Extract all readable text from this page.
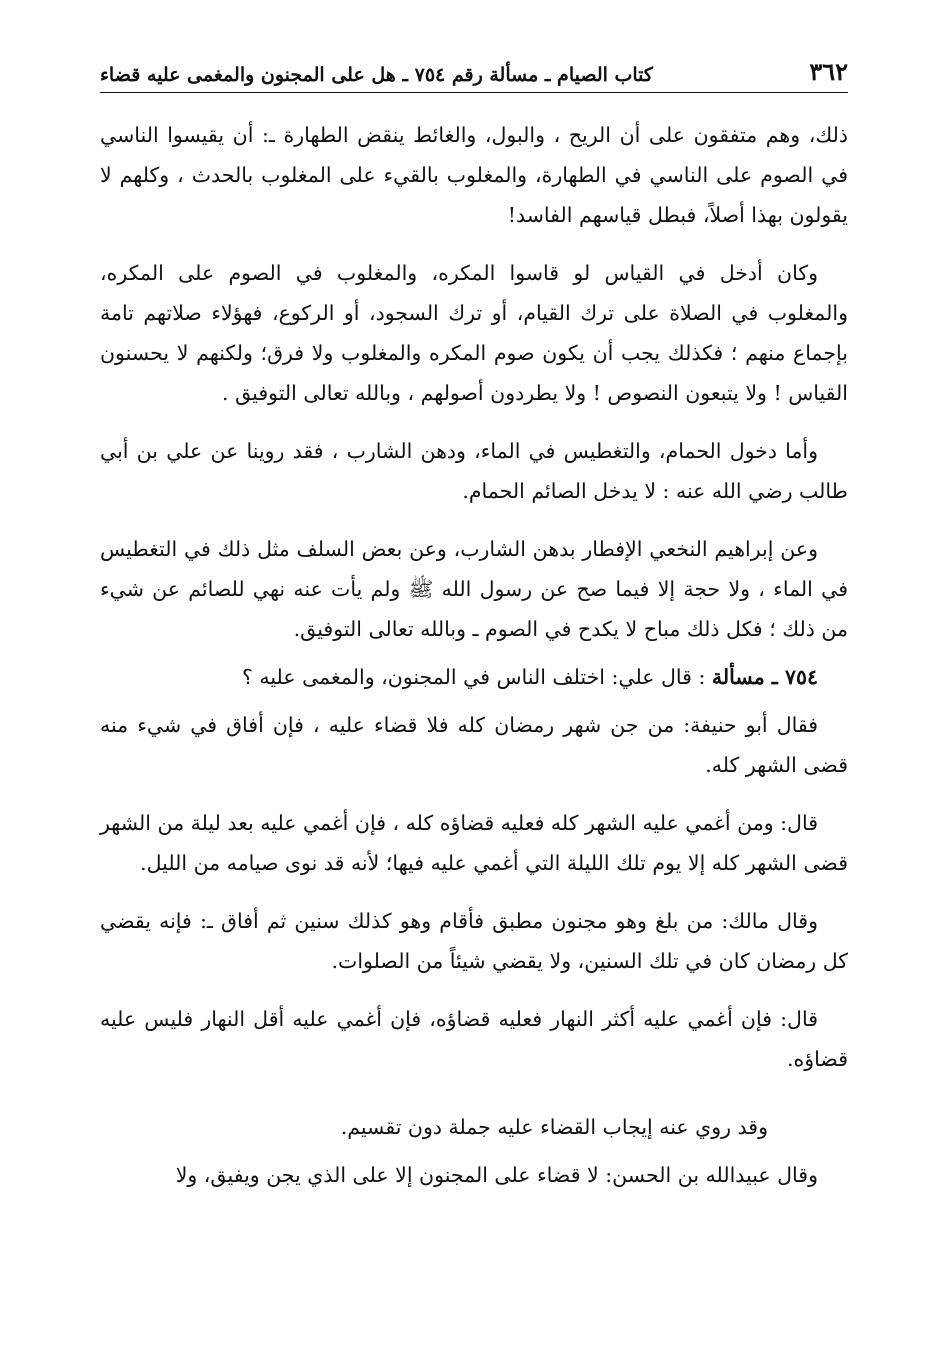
٣٦٢
كتاب الصيام ـ مسألة رقم ٧٥٤ ـ هل على المجنون والمغمى عليه قضاء

ذلك، وهم متفقون على أن الريح ، والبول، والغائط ينقض الطهارة ـ: أن يقيسوا الناسي في الصوم على الناسي في الطهارة، والمغلوب بالقيء على المغلوب بالحدث ، وكلهم لا يقولون بهذا أصلاً، فبطل قياسهم الفاسد!

وكان أدخل في القياس لو قاسوا المكره، والمغلوب في الصوم على المكره، والمغلوب في الصلاة على ترك القيام، أو ترك السجود، أو الركوع، فهؤلاء صلاتهم تامة بإجماع منهم ؛ فكذلك يجب أن يكون صوم المكره والمغلوب ولا فرق؛ ولكنهم لا يحسنون القياس ! ولا يتبعون النصوص ! ولا يطردون أصولهم ، وبالله تعالى التوفيق .

وأما دخول الحمام، والتغطيس في الماء، ودهن الشارب ، فقد روينا عن علي بن أبي طالب رضي الله عنه : لا يدخل الصائم الحمام.

وعن إبراهيم النخعي الإفطار بدهن الشارب، وعن بعض السلف مثل ذلك في التغطيس في الماء ، ولا حجة إلا فيما صح عن رسول الله ﷺ ولم يأت عنه نهي للصائم عن شيء من ذلك ؛ فكل ذلك مباح لا يكدح في الصوم ـ وبالله تعالى التوفيق.

٧٥٤ ـ مسألة : قال علي: اختلف الناس في المجنون، والمغمى عليه ؟

فقال أبو حنيفة: من جن شهر رمضان كله فلا قضاء عليه ، فإن أفاق في شيء منه قضى الشهر كله.

قال: ومن أغمي عليه الشهر كله فعليه قضاؤه كله ، فإن أغمي عليه بعد ليلة من الشهر قضى الشهر كله إلا يوم تلك الليلة التي أغمي عليه فيها؛ لأنه قد نوى صيامه من الليل.

وقال مالك: من بلغ وهو مجنون مطبق فأقام وهو كذلك سنين ثم أفاق ـ: فإنه يقضي كل رمضان كان في تلك السنين، ولا يقضي شيئاً من الصلوات.

قال: فإن أغمي عليه أكثر النهار فعليه قضاؤه، فإن أغمي عليه أقل النهار فليس عليه قضاؤه.

وقد روي عنه إيجاب القضاء عليه جملة دون تقسيم.

وقال عبيدالله بن الحسن: لا قضاء على المجنون إلا على الذي يجن ويفيق، ولا
